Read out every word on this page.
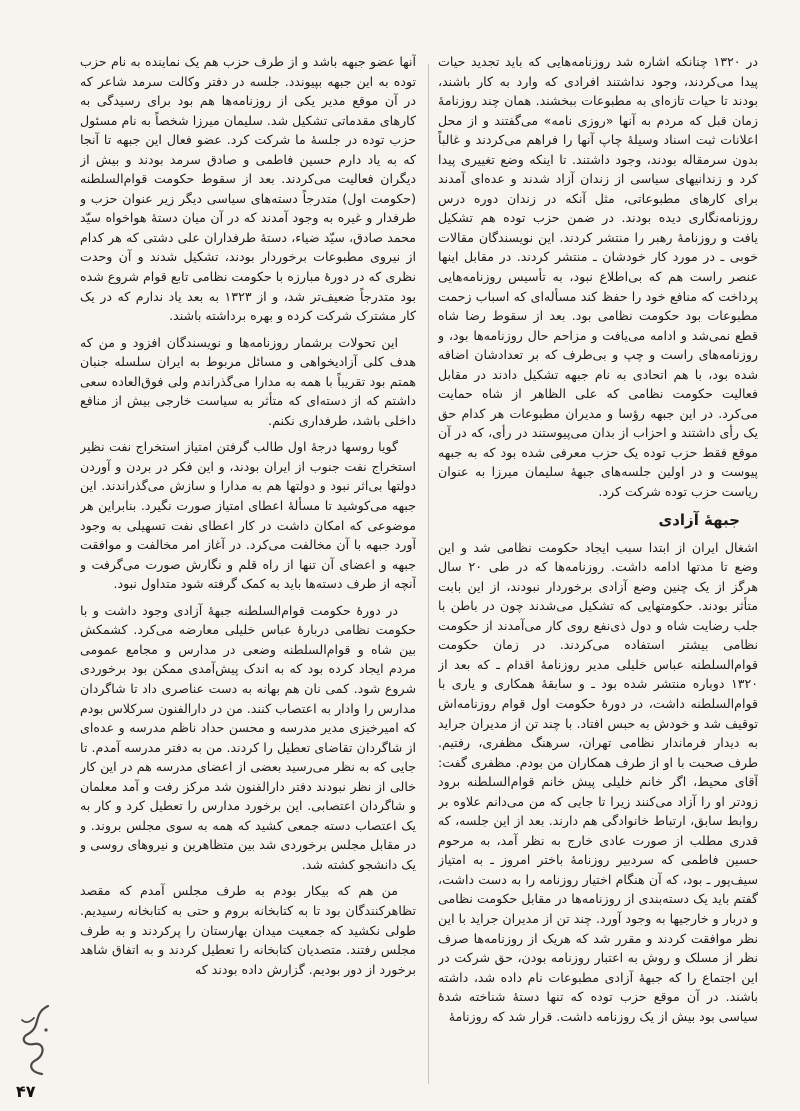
در ۱۳۲۰ چنانکه اشاره شد روزنامه‌هایی که باید تجدید حیات پیدا می‌کردند، وجود نداشتند افرادی که وارد به کار باشند، بودند تا حیات تازه‌ای به مطبوعات ببخشند. همان چند روزنامهٔ زمان قبل که مردم به آنها «روزی نامه» می‌گفتند و از محل اعلانات ثبت اسناد وسیلهٔ چاپ آنها را فراهم می‌کردند و غالباً بدون سرمقاله بودند، وجود داشتند. تا اینکه وضع تغییری پیدا کرد و زندانیهای سیاسی از زندان آزاد شدند و عده‌ای آمدند برای کارهای مطبوعاتی، مثل آنکه در زندان دوره درس روزنامه‌نگاری دیده بودند. در ضمن حزب توده هم تشکیل یافت و روزنامهٔ رهبر را منتشر کردند. این نویسندگان مقالات خوبی ـ در مورد کار خودشان ـ منتشر کردند. در مقابل اینها عنصر راست هم که بی‌اطلاع نبود، به تأسیس روزنامه‌هایی پرداخت که منافع خود را حفظ کند مسأله‌ای که اسباب زحمت مطبوعات بود حکومت نظامی بود. بعد از سقوط رضا شاه قطع نمی‌شد و ادامه می‌یافت و مزاحم حال روزنامه‌ها بود، و روزنامه‌های راست و چپ و بی‌طرف که بر تعدادشان اضافه شده بود، با هم اتحادی به نام جبهه تشکیل دادند در مقابل فعالیت حکومت نظامی که علی الظاهر از شاه حمایت می‌کرد. در این جبهه رؤسا و مدیران مطبوعات هر کدام حق یک رأی داشتند و احزاب از بدان می‌پیوستند در رأی، که در آن موقع فقط حزب توده یک حزب معرفی شده بود که به جبهه پیوست و در اولین جلسه‌های جبههٔ سلیمان میرزا به عنوان ریاست حزب توده شرکت کرد.

جبههٔ آزادی

اشغال ایران از ابتدا سبب ایجاد حکومت نظامی شد و این وضع تا مدتها ادامه داشت. روزنامه‌ها که در طی ۲۰ سال هرگز از یک چنین وضع آزادی برخوردار نبودند، از این بابت متأثر بودند. حکومتهایی که تشکیل می‌شدند چون در باطن با جلب رضایت شاه و دول ذی‌نفع روی کار می‌آمدند از حکومت نظامی بیشتر استفاده می‌کردند. در زمان حکومت قوام‌السلطنه عباس خلیلی مدیر روزنامهٔ اقدام ـ که بعد از ۱۳۲۰ دوباره منتشر شده بود ـ و سابقهٔ همکاری و یاری با قوام‌السلطنه داشت، در دورهٔ حکومت اول قوام روزنامه‌اش توقیف شد و خودش به حبس افتاد. با چند تن از مدیران جراید به دیدار فرماندار نظامی تهران، سرهنگ مظفری، رفتیم. طرف صحبت با او از طرف همکاران من بودم. مظفری گفت: آقای محیط، اگر خانم خلیلی پیش خانم قوام‌السلطنه برود زودتر او را آزاد می‌کنند زیرا تا جایی که من می‌دانم علاوه بر روابط سابق، ارتباط خانوادگی هم دارند. بعد از این جلسه، که قدری مطلب از صورت عادی خارج به نظر آمد، به مرحوم حسین فاطمی که سردبیر روزنامهٔ باختر امروز ـ به امتیاز سیف‌پور ـ بود، که آن هنگام اختیار روزنامه را به دست داشت، گفتم باید یک دسته‌بندی از روزنامه‌ها در مقابل حکومت نظامی و دربار و خارجیها به وجود آورد. چند تن از مدیران جراید با این نظر موافقت کردند و مقرر شد که هریک از روزنامه‌ها صرف نظر از مسلک و روش به اعتبار روزنامه بودن، حق شرکت در این اجتماع را که جبههٔ آزادی مطبوعات نام داده شد، داشته باشند. در آن موقع حزب توده که تنها دستهٔ شناخته شدهٔ سیاسی بود بیش از یک روزنامه داشت. قرار شد که روزنامهٔ

آنها عضو جبهه باشد و از طرف حزب هم یک نماینده به نام حزب توده به این جبهه بپیوندد. جلسه در دفتر وکالت سرمد شاعر که در آن موقع مدیر یکی از روزنامه‌ها هم بود برای رسیدگی به کارهای مقدماتی تشکیل شد. سلیمان میرزا شخصاً به نام مسئول حزب توده در جلسهٔ ما شرکت کرد. عضو فعال این جبهه تا آنجا که به یاد دارم حسین فاطمی و صادق سرمد بودند و بیش از دیگران فعالیت می‌کردند. بعد از سقوط حکومت قوام‌السلطنه (حکومت اول) متدرجاً دسته‌های سیاسی دیگر زیر عنوان حزب و طرفدار و غیره به وجود آمدند که در آن میان دستهٔ هواخواه سیّد محمد صادق، سیّد ضیاء، دستهٔ طرفداران علی دشتی که هر کدام از نیروی مطبوعات برخوردار بودند، تشکیل شدند و آن وحدت نظری که در دورهٔ مبارزه با حکومت نظامی تابع قوام شروع شده بود متدرجاً ضعیف‌تر شد، و از ۱۳۲۳ به بعد یاد ندارم که در یک کار مشترک شرکت کرده و بهره برداشته باشند.

این تحولات برشمار روزنامه‌ها و نویسندگان افزود و من که هدف کلی آزادیخواهی و مسائل مربوط به ایران سلسله جنبان همتم بود تقریباً با همه به مدارا می‌گذراندم ولی فوق‌العاده سعی داشتم که از دسته‌ای که متأثر به سیاست خارجی بیش از منافع داخلی باشد، طرفداری نکنم.

گویا روسها درجهٔ اول طالب گرفتن امتیاز استخراج نفت نظیر استخراج نفت جنوب از ایران بودند، و این فکر در بردن و آوردن دولتها بی‌اثر نبود و دولتها هم به مدارا و سازش می‌گذراندند. این جبهه می‌کوشید تا مسألهٔ اعطای امتیاز صورت نگیرد. بنابراین هر موضوعی که امکان داشت در کار اعطای نفت تسهیلی به وجود آورد جبهه با آن مخالفت می‌کرد. در آغاز امر مخالفت و موافقت جبهه و اعضای آن تنها از راه قلم و نگارش صورت می‌گرفت و آنچه از طرف دسته‌ها باید به کمک گرفته شود متداول نبود.

در دورهٔ حکومت قوام‌السلطنه جبههٔ آزادی وجود داشت و با حکومت نظامی دربارهٔ عباس خلیلی معارضه می‌کرد. کشمکش بین شاه و قوام‌السلطنه وضعی در مدارس و مجامع عمومی مردم ایجاد کرده بود که به اندک پیش‌آمدی ممکن بود برخوردی شروع شود. کمی نان هم بهانه به دست عناصری داد تا شاگردان مدارس را وادار به اعتصاب کنند. من در دارالفنون سرکلاس بودم که امیرخیزی مدیر مدرسه و محسن حداد ناظم مدرسه و عده‌ای از شاگردان تقاضای تعطیل را کردند. من به دفتر مدرسه آمدم. تا جایی که به نظر می‌رسید بعضی از اعضای مدرسه هم در این کار خالی از نظر نبودند دفتر دارالفنون شد مرکز رفت و آمد معلمان و شاگردان اعتصابی. این برخورد مدارس را تعطیل کرد و کار به یک اعتصاب دسته جمعی کشید که همه به سوی مجلس بروند. و در مقابل مجلس برخوردی شد بین متظاهرین و نیروهای روسی و یک دانشجو کشته شد.

من هم که بیکار بودم به طرف مجلس آمدم که مقصد تظاهرکنندگان بود تا به کتابخانه بروم و حتی به کتابخانه رسیدیم. طولی نکشید که جمعیت میدان بهارستان را پرکردند و به طرف مجلس رفتند. متصدیان کتابخانه را تعطیل کردند و به اتفاق شاهد برخورد از دور بودیم. گزارش داده بودند که

۴۷
